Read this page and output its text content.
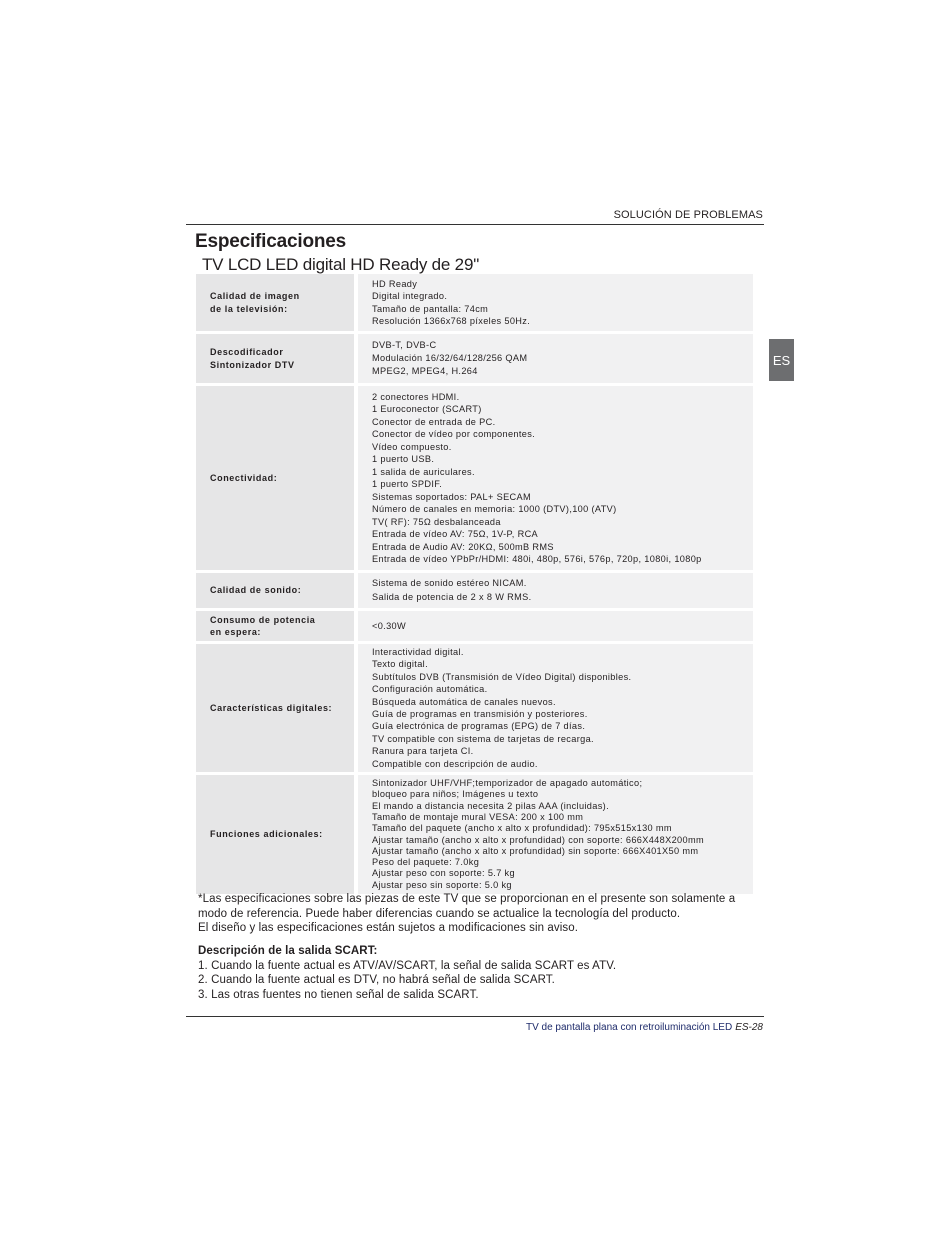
SOLUCIÓN DE PROBLEMAS
Especificaciones
TV LCD LED digital HD Ready de 29"
ES
Calidad de imagen
de la televisión:
HD Ready
Digital integrado.
Tamaño de pantalla: 74cm
Resolución 1366x768 píxeles 50Hz.
Descodificador
Sintonizador DTV
DVB-T, DVB-C
Modulación 16/32/64/128/256 QAM
MPEG2, MPEG4, H.264
Conectividad:
2 conectores HDMI.
1 Euroconector (SCART)
Conector de entrada de PC.
Conector de vídeo por componentes.
Vídeo compuesto.
1 puerto USB.
1 salida de auriculares.
1 puerto SPDIF.
Sistemas soportados: PAL+ SECAM
Número de canales en memoria: 1000 (DTV),100 (ATV)
TV( RF): 75Ω desbalanceada
Entrada de vídeo AV: 75Ω, 1V-P, RCA
Entrada de Audio AV: 20KΩ, 500mB RMS
Entrada de vídeo YPbPr/HDMI: 480i, 480p, 576i, 576p, 720p, 1080i, 1080p
Calidad de sonido:
Sistema de sonido estéreo NICAM.
Salida de potencia de 2 x 8 W RMS.
Consumo de potencia
en espera:
<0.30W
Características digitales:
Interactividad digital.
Texto digital.
Subtítulos DVB (Transmisión de Vídeo Digital) disponibles.
Configuración automática.
Búsqueda automática de canales nuevos.
Guía de programas en transmisión y posteriores.
Guía electrónica de programas (EPG) de 7 días.
TV compatible con sistema de tarjetas de recarga.
Ranura para tarjeta CI.
Compatible con descripción de audio.
Funciones adicionales:
Sintonizador UHF/VHF;temporizador de apagado automático;
bloqueo para niños; Imágenes u texto
El mando a distancia necesita 2 pilas AAA (incluidas).
Tamaño de montaje mural VESA: 200 x 100 mm
Tamaño del paquete (ancho x alto x profundidad): 795x515x130 mm
Ajustar tamaño (ancho x alto x profundidad) con soporte: 666X448X200mm
Ajustar tamaño (ancho x alto x profundidad) sin soporte: 666X401X50 mm
Peso del paquete: 7.0kg
Ajustar peso con soporte: 5.7 kg
Ajustar peso sin soporte: 5.0 kg
*Las especificaciones sobre las piezas de este TV que se proporcionan en el presente son solamente a
modo de referencia. Puede haber diferencias cuando se actualice la tecnología del producto.
El diseño y las especificaciones están sujetos a modificaciones sin aviso.
Descripción de la salida SCART:
1. Cuando la fuente actual es ATV/AV/SCART, la señal de salida SCART es ATV.
2. Cuando la fuente actual es DTV, no habrá señal de salida SCART.
3. Las otras fuentes no tienen señal de salida SCART.
TV de pantalla plana con retroiluminación LED ES-28
